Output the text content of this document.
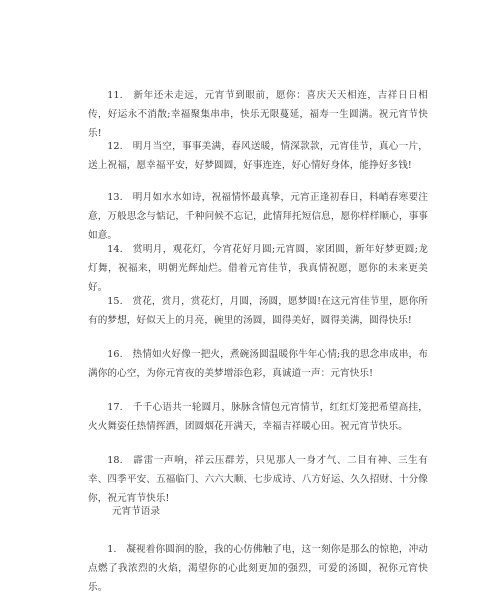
11.　新年还未走远，元宵节到眼前，愿你：喜庆天天相连，吉祥日日相传，好运永不消散;幸福聚集串串，快乐无限蔓延，福寿一生圆满。祝元宵节快乐!

12.　明月当空，事事美满，春风送暖，情深款款，元宵佳节，真心一片，送上祝福，愿幸福平安，好梦圆圆，好事连连，好心情好身体，能挣好多钱!

13.　明月如水水如诗，祝福情怀最真挚，元宵正逢初春日，料峭春寒要注意，万般思念与惦记，千种问候不忘记，此情拜托短信息，愿你样样顺心，事事如意。

14.　赏明月，观花灯，今宵花好月圆;元宵圆，家团圆，新年好梦更圆;龙灯舞，祝福来，明朝光辉灿烂。借着元宵佳节，我真情祝愿，愿你的未来更美好。

15.　赏花，赏月，赏花灯，月圆，汤圆，愿梦圆!在这元宵佳节里，愿你所有的梦想，好似天上的月亮，碗里的汤圆，圆得美好，圆得美满，圆得快乐!

16.　热情如火好像一把火，煮碗汤圆温暖你牛年心情;我的思念串成串，布满你的心空，为你元宵夜的美梦增添色彩，真诚道一声：元宵快乐!

17.　千千心语共一轮圆月，脉脉含情包元宵情节，红红灯笼把希望高挂，火火舞姿任热情挥洒，团圆烟花开满天，幸福吉祥暖心田。祝元宵节快乐。

18.　霹雷一声响，祥云压群芳，只见那人一身才气、二目有神、三生有幸、四季平安、五福临门、六六大顺、七步成诗、八方好运、久久招财、十分像你，祝元宵节快乐!

元宵节语录

1.　凝视着你圆润的脸，我的心仿佛触了电，这一刻你是那么的惊艳，冲动点燃了我浓烈的火焰，渴望你的心此刻更加的强烈，可爱的汤圆，祝你元宵快乐。
